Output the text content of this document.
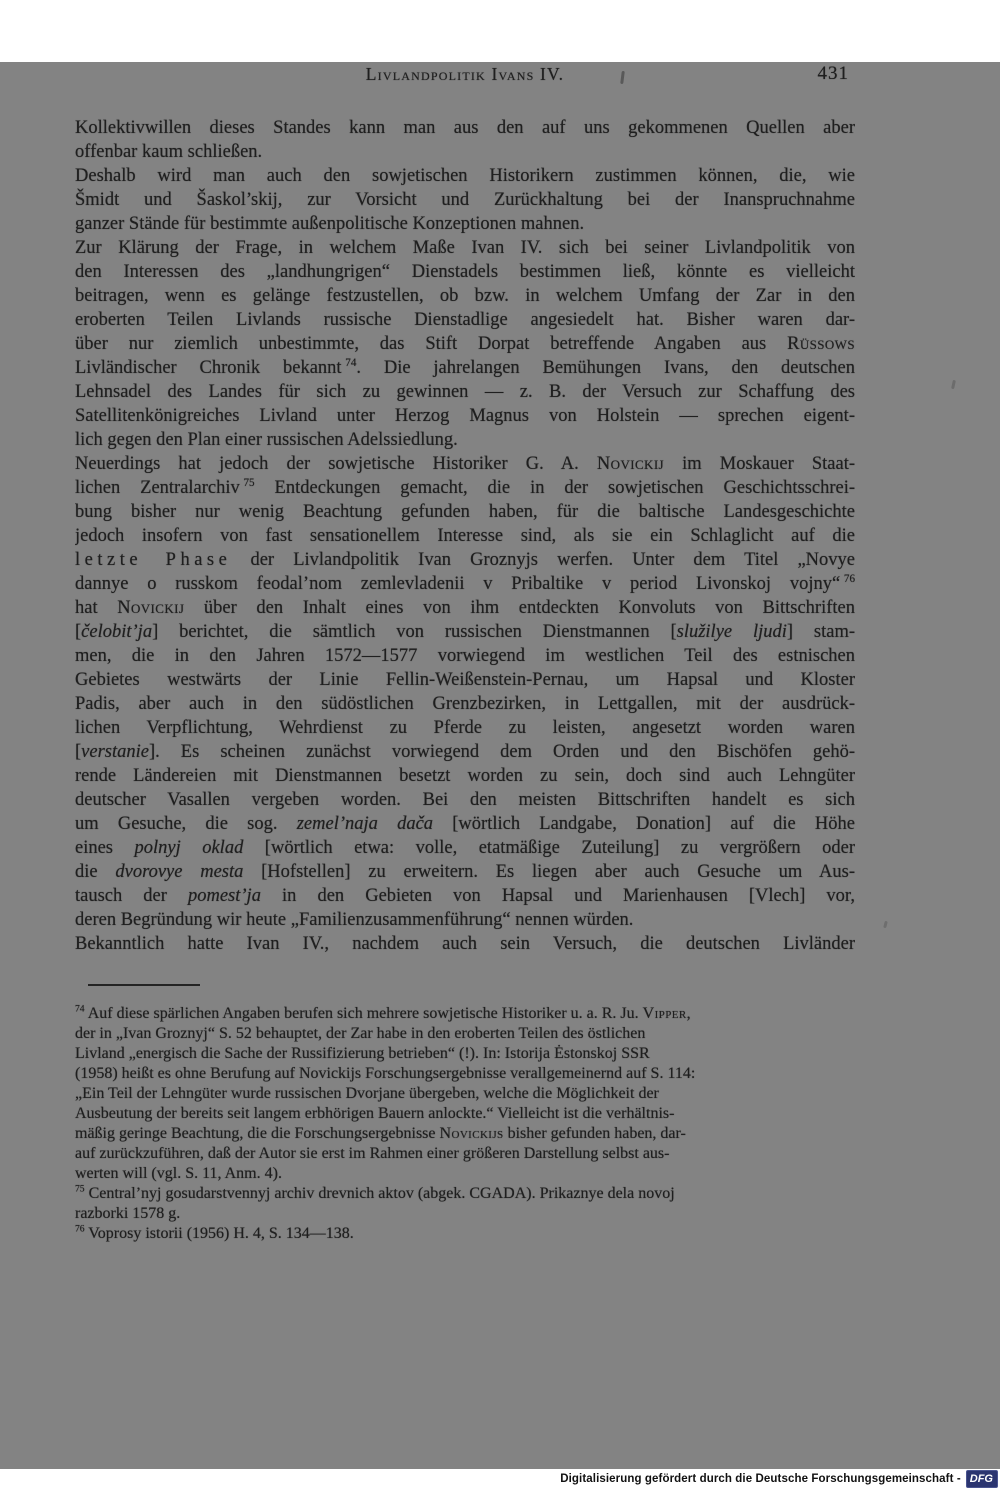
Livlandpolitik Ivans IV.	431
Kollektivwillen dieses Standes kann man aus den auf uns gekommenen Quellen aber
offenbar kaum schließen.
Deshalb wird man auch den sowjetischen Historikern zustimmen können, die, wie
Šmidt und Šaskol’skij, zur Vorsicht und Zurückhaltung bei der Inanspruchnahme
ganzer Stände für bestimmte außenpolitische Konzeptionen mahnen.
Zur Klärung der Frage, in welchem Maße Ivan IV. sich bei seiner Livlandpolitik von
den Interessen des „landhungrigen“ Dienstadels bestimmen ließ, könnte es vielleicht
beitragen, wenn es gelänge festzustellen, ob bzw. in welchem Umfang der Zar in den
eroberten Teilen Livlands russische Dienstadlige angesiedelt hat. Bisher waren dar-
über nur ziemlich unbestimmte, das Stift Dorpat betreffende Angaben aus Rüssows
Livländischer Chronik bekannt $^{74}$. Die jahrelangen Bemühungen Ivans, den deutschen
Lehnsadel des Landes für sich zu gewinnen — z. B. der Versuch zur Schaffung des
Satellitenkönigreiches Livland unter Herzog Magnus von Holstein — sprechen eigent-
lich gegen den Plan einer russischen Adelssiedlung.
Neuerdings hat jedoch der sowjetische Historiker G. A. Novickij im Moskauer Staat-
lichen Zentralarchiv $^{75}$ Entdeckungen gemacht, die in der sowjetischen Geschichtsschrei-
bung bisher nur wenig Beachtung gefunden haben, für die baltische Landesgeschichte
jedoch insofern von fast sensationellem Interesse sind, als sie ein Schlaglicht auf die
letzte Phase der Livlandpolitik Ivan Groznyjs werfen. Unter dem Titel „Novye
dannye o russkom feodal’nom zemlevladenii v Pribaltike v period Livonskoj vojny“ $^{76}$
hat Novickij über den Inhalt eines von ihm entdeckten Konvoluts von Bittschriften
[čelobit’ja] berichtet, die sämtlich von russischen Dienstmannen [služilye ljudi] stam-
men, die in den Jahren 1572—1577 vorwiegend im westlichen Teil des estnischen
Gebietes westwärts der Linie Fellin-Weißenstein-Pernau, um Hapsal und Kloster
Padis, aber auch in den südöstlichen Grenzbezirken, in Lettgallen, mit der ausdrück-
lichen Verpflichtung, Wehrdienst zu Pferde zu leisten, angesetzt worden waren
[verstanie]. Es scheinen zunächst vorwiegend dem Orden und den Bischöfen gehö-
rende Ländereien mit Dienstmannen besetzt worden zu sein, doch sind auch Lehngüter
deutscher Vasallen vergeben worden. Bei den meisten Bittschriften handelt es sich
um Gesuche, die sog. zemel’naja dača [wörtlich Landgabe, Donation] auf die Höhe
eines polnyj oklad [wörtlich etwa: volle, etatmäßige Zuteilung] zu vergrößern oder
die dvorovye mesta [Hofstellen] zu erweitern. Es liegen aber auch Gesuche um Aus-
tausch der pomest’ja in den Gebieten von Hapsal und Marienhausen [Vlech] vor,
deren Begründung wir heute „Familienzusammenführung“ nennen würden.
Bekanntlich hatte Ivan IV., nachdem auch sein Versuch, die deutschen Livländer
$^{74}$ Auf diese spärlichen Angaben berufen sich mehrere sowjetische Historiker u. a. R. Ju. Vipper,
der in „Ivan Groznyj“ S. 52 behauptet, der Zar habe in den eroberten Teilen des östlichen
Livland „energisch die Sache der Russifizierung betrieben“ (!). In: Istorija Ėstonskoj SSR
(1958) heißt es ohne Berufung auf Novickijs Forschungsergebnisse verallgemeinernd auf S. 114:
„Ein Teil der Lehngüter wurde russischen Dvorjane übergeben, welche die Möglichkeit der
Ausbeutung der bereits seit langem erbhörigen Bauern anlockte.“ Vielleicht ist die verhältnis-
mäßig geringe Beachtung, die die Forschungsergebnisse Novickijs bisher gefunden haben, dar-
auf zurückzuführen, daß der Autor sie erst im Rahmen einer größeren Darstellung selbst aus-
werten will (vgl. S. 11, Anm. 4).
$^{75}$ Central’nyj gosudarstvennyj archiv drevnich aktov (abgek. CGADA). Prikaznye dela novoj
razborki 1578 g.
$^{76}$ Voprosy istorii (1956) H. 4, S. 134—138.
Digitalisierung gefördert durch die Deutsche Forschungsgemeinschaft - DFG
